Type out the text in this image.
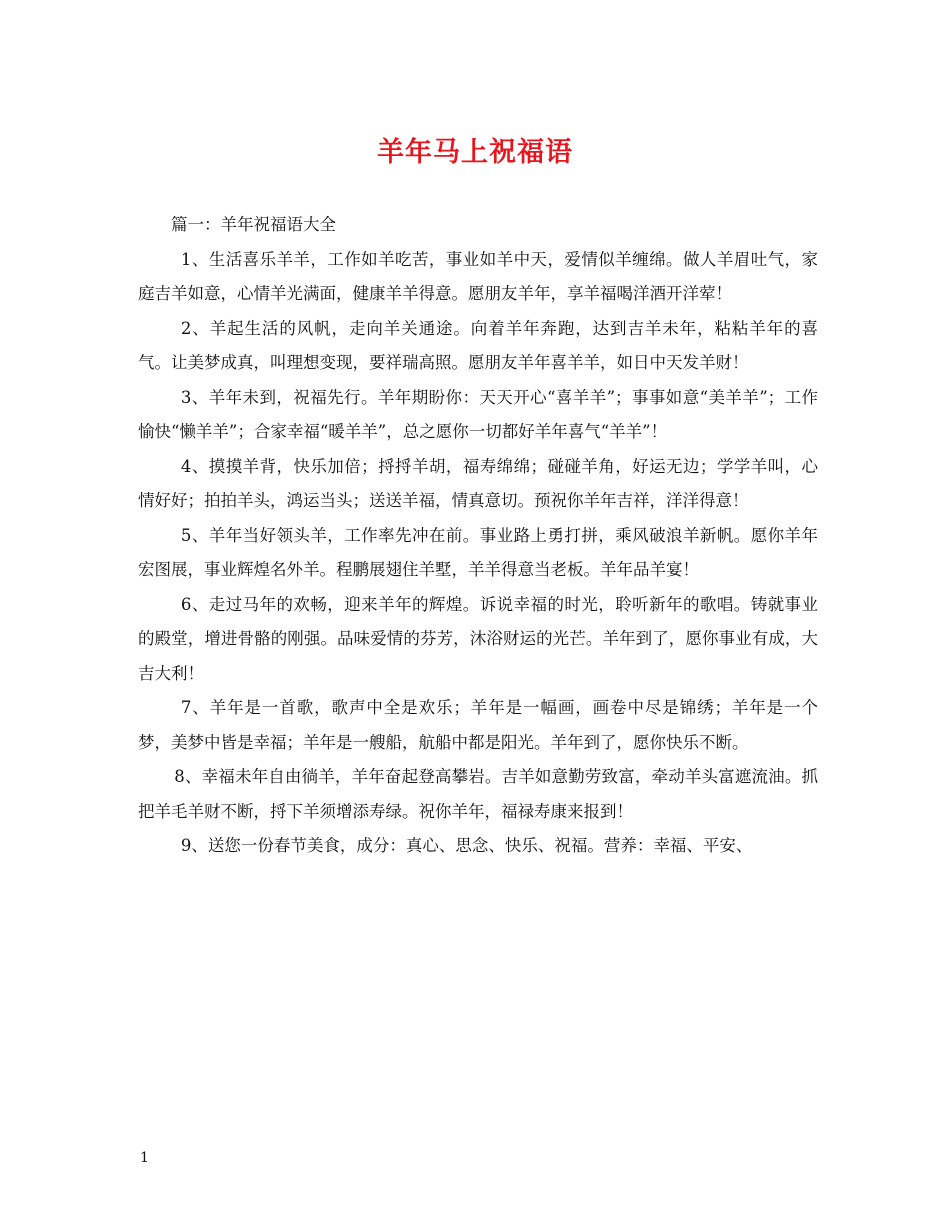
羊年马上祝福语

篇一：羊年祝福语大全

1、生活喜乐羊羊，工作如羊吃苦，事业如羊中天，爱情似羊缠绵。做人羊眉吐气，家庭吉羊如意，心情羊光满面，健康羊羊得意。愿朋友羊年，享羊福喝洋酒开洋荤！

2、羊起生活的风帆，走向羊关通途。向着羊年奔跑，达到吉羊未年，粘粘羊年的喜气。让美梦成真，叫理想变现，要祥瑞高照。愿朋友羊年喜羊羊，如日中天发羊财！

3、羊年未到，祝福先行。羊年期盼你：天天开心“喜羊羊”；事事如意“美羊羊”；工作愉快“懒羊羊”；合家幸福“暖羊羊”，总之愿你一切都好羊年喜气“羊羊”！

4、摸摸羊背，快乐加倍；捋捋羊胡，福寿绵绵；碰碰羊角，好运无边；学学羊叫，心情好好；拍拍羊头，鸿运当头；送送羊福，情真意切。预祝你羊年吉祥，洋洋得意！

5、羊年当好领头羊，工作率先冲在前。事业路上勇打拼，乘风破浪羊新帆。愿你羊年宏图展，事业辉煌名外羊。程鹏展翅住羊墅，羊羊得意当老板。羊年品羊宴！

6、走过马年的欢畅，迎来羊年的辉煌。诉说幸福的时光，聆听新年的歌唱。铸就事业的殿堂，增进骨骼的刚强。品味爱情的芬芳，沐浴财运的光芒。羊年到了，愿你事业有成，大吉大利！

7、羊年是一首歌，歌声中全是欢乐；羊年是一幅画，画卷中尽是锦绣；羊年是一个梦，美梦中皆是幸福；羊年是一艘船，航船中都是阳光。羊年到了，愿你快乐不断。

8、幸福未年自由徜羊，羊年奋起登高攀岩。吉羊如意勤劳致富，牵动羊头富遮流油。抓把羊毛羊财不断，捋下羊须增添寿绿。祝你羊年，福禄寿康来报到！

9、送您一份春节美食，成分：真心、思念、快乐、祝福。营养：幸福、平安、

1
